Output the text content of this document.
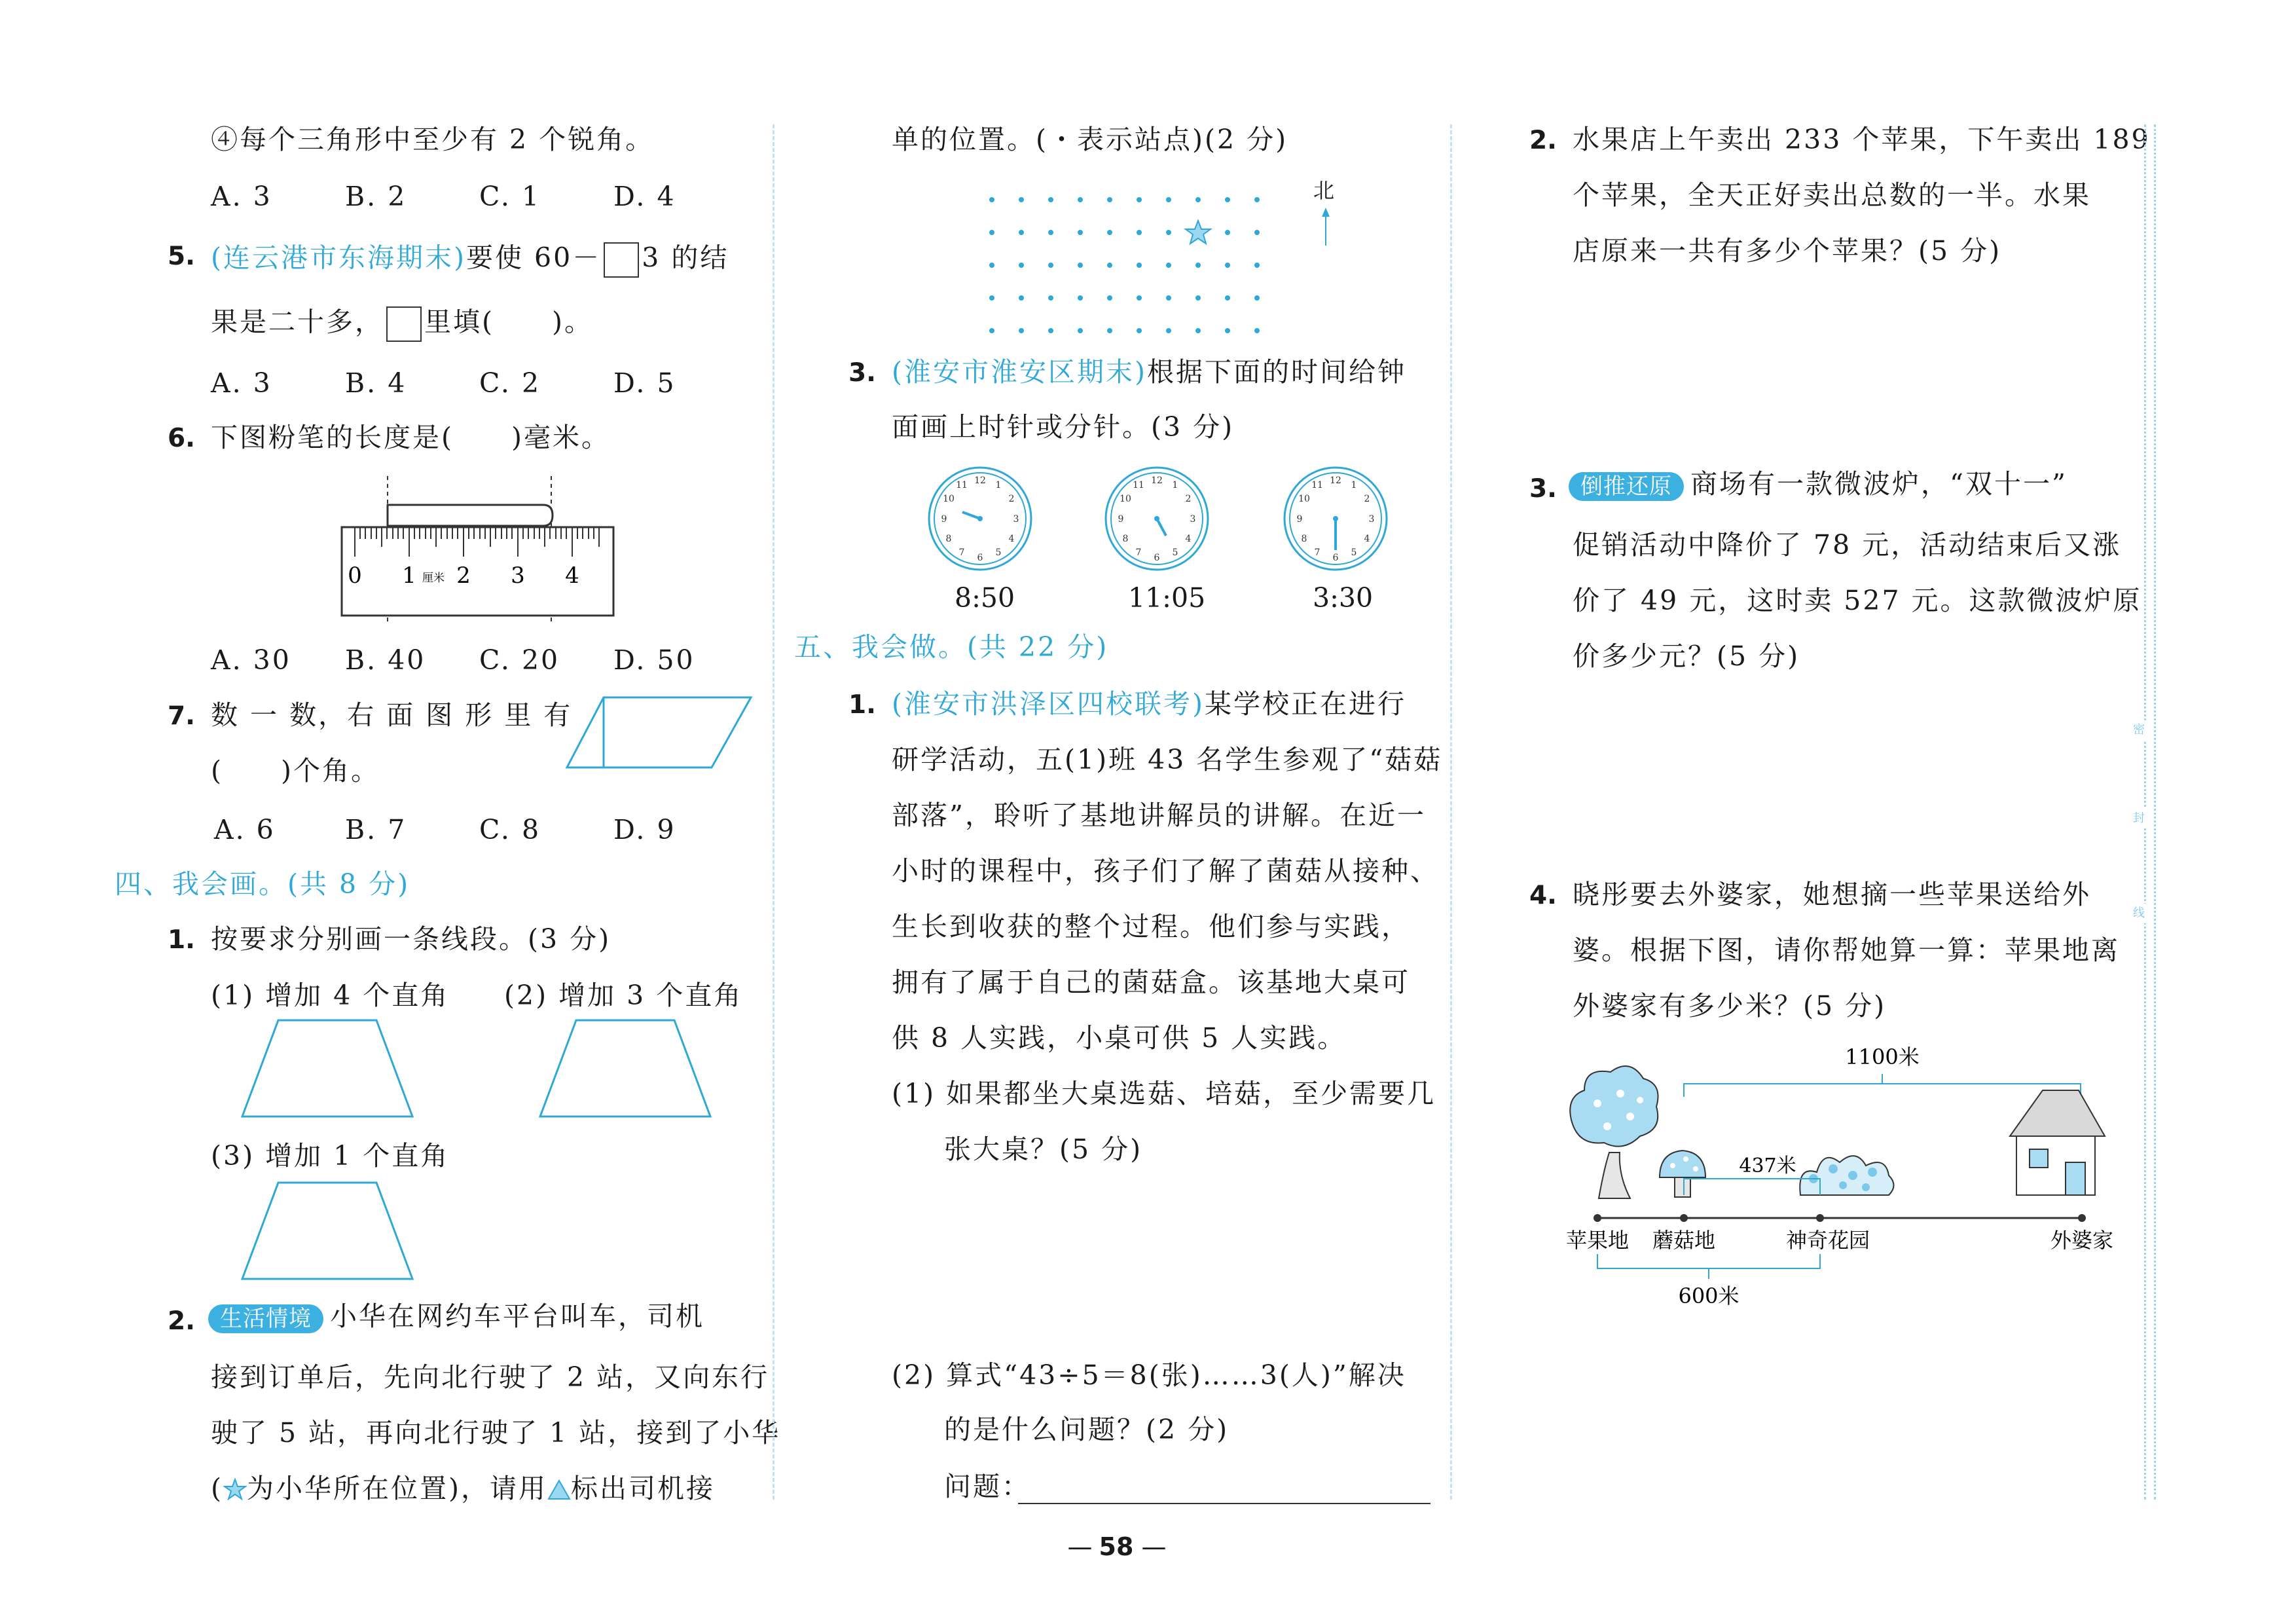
④每个三角形中至少有 2 个锐角。
A. 3	B. 2	C. 1	D. 4
5. (连云港市东海期末)要使 60－ 3 的结
果是二十多， 里填(　　)。
A. 3	B. 4	C. 2	D. 5
6. 下图粉笔的长度是(　　)毫米。
0 1 厘米 2 3 4
A. 30 B. 40 C. 20 D. 50
7. 数 一 数，右 面 图 形 里 有
(　　)个角。
A. 6	B. 7	C. 8	D. 9
四、我会画。(共 8 分)
1. 按要求分别画一条线段。(3 分)
(1) 增加 4 个直角 (2) 增加 3 个直角
(3) 增加 1 个直角
2.	生活情境 小华在网约车平台叫车，司机
接到订单后，先向北行驶了 2 站，又向东行
驶了 5 站，再向北行驶了 1 站，接到了小华
( 为小华所在位置)，请用 标出司机接
单的位置。(・表示站点)(2 分)
北
3. (淮安市淮安区期末)根据下面的时间给钟
面画上时针或分针。(3 分)
12 1
2
3
4
5
6
7
8
9
10
11	12 1
2
3
4
5
6
7
8
9
10
11	12 1
2
3
4
5
6
7
8
9
10
11
8:50	11:05	3:30
五、我会做。(共 22 分)
1. (淮安市洪泽区四校联考)某学校正在进行
研学活动，五(1)班 43 名学生参观了“菇菇
部落”，聆听了基地讲解员的讲解。在近一
小时的课程中，孩子们了解了菌菇从接种、
生长到收获的整个过程。他们参与实践，
拥有了属于自己的菌菇盒。该基地大桌可
供 8 人实践，小桌可供 5 人实践。
(1) 如果都坐大桌选菇、培菇，至少需要几
张大桌？(5 分)
(2) 算式“43÷5＝8(张)……3(人)”解决
的是什么问题？(2 分)
问题：
— 58 —
2. 水果店上午卖出 233 个苹果，下午卖出 189
个苹果，全天正好卖出总数的一半。水果
店原来一共有多少个苹果？(5 分)
3.	倒推还原 商场有一款微波炉，“双十一”
促销活动中降价了 78 元，活动结束后又涨
价了 49 元，这时卖 527 元。这款微波炉原
价多少元？(5 分)
4. 晓彤要去外婆家，她想摘一些苹果送给外
婆。根据下图，请你帮她算一算：苹果地离
外婆家有多少米？(5 分)
1100米
437米
苹果地 蘑菇地	神奇花园	外婆家
600米
密
封
线
